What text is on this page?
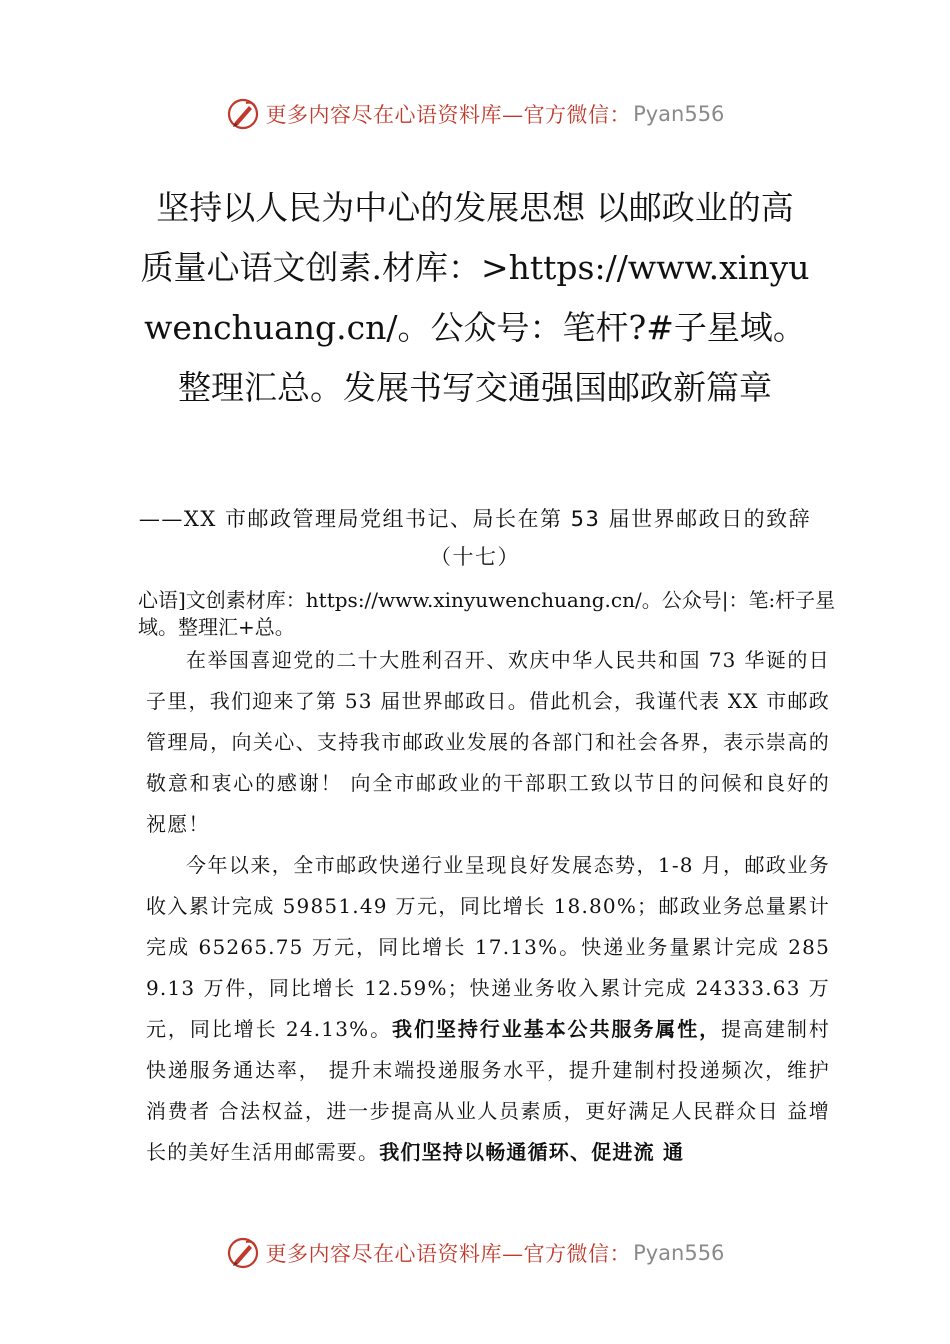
更多内容尽在心语资料库 —官方微信： Pyan556
坚持以人民为中心的发展思想 以邮政业的高质量心语文创素.材库：>https://www.xinyuwenchuang.cn/。公众号：笔杆?#子星域。整理汇总。发展书写交通强国邮政新篇章
——XX 市邮政管理局党组书记、局长在第 53 届世界邮政日的致辞（十七）
心语]文创素材库：https://www.xinyuwenchuang.cn/。公众号|：笔:杆子星域。整理汇+总。

在举国喜迎党的二十大胜利召开、欢庆中华人民共和国 73 华诞的日子里，我们迎来了第 53 届世界邮政日。借此机会，我谨代表 XX 市邮政管理局，向关心、支持我市邮政业发展的各部门和社会各界，表示崇高的敬意和衷心的感谢！ 向全市邮政业的干部职工致以节日的问候和良好的祝愿！

今年以来，全市邮政快递行业呈现良好发展态势，1-8 月，邮政业务收入累计完成 59851.49 万元，同比增长 18.80%；邮政业务总量累计完成 65265.75 万元，同比增长 17.13%。快递业务量累计完成 2859.13 万件，同比增长 12.59%；快递业务收入累计完成 24333.63 万元，同比增长 24.13%。我们坚持行业基本公共服务属性，提高建制村快递服务通达率， 提升末端投递服务水平，提升建制村投递频次，维护消费者 合法权益，进一步提高从业人员素质，更好满足人民群众日 益增长的美好生活用邮需要。我们坚持以畅通循环、促进流 通

更多内容尽在心语资料库 —官方微信： Pyan556
